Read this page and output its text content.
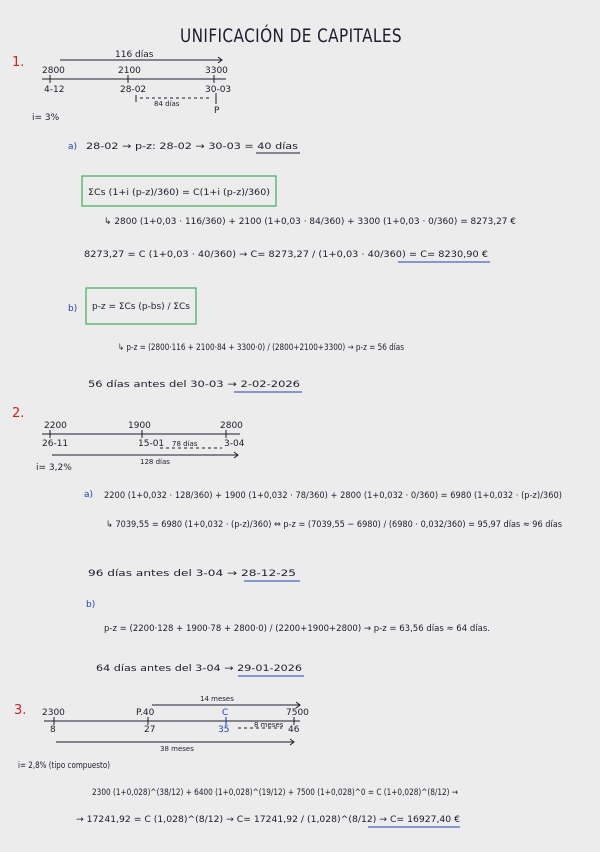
UNIFICACIÓN DE CAPITALES
1.	116 días
2800	2100	3300
4-12	28-02	30-03
84 días
P
i= 3%
a) 28-02 → p-z: 28-02 → 30-03 = 40 días
ΣCs (1+i (p-z)/360) = C(1+i (p-z)/360)
↳ 2800 (1+0,03 · 116/360) + 2100 (1+0,03 · 84/360) + 3300 (1+0,03 · 0/360) = 8273,27 €
8273,27 = C (1+0,03 · 40/360) → C= 8273,27 / (1+0,03 · 40/360) = C= 8230,90 €
b) p-z = ΣCs (p-bs) / ΣCs
↳ p-z = (2800·116 + 2100·84 + 3300·0) / (2800+2100+3300) → p-z = 56 días
56 días antes del 30-03 → 2-02-2026
2.
2200	1900	2800
26-11	15-01 78 días	3-04
128 días
i= 3,2%
a) 2200 (1+0,032 · 128/360) + 1900 (1+0,032 · 78/360) + 2800 (1+0,032 · 0/360) = 6980 (1+0,032 · (p-z)/360)
↳ 7039,55 = 6980 (1+0,032 · (p-z)/360) ⇔ p-z = (7039,55 − 6980) / (6980 · 0,032/360) = 95,97 días ≈ 96 días
96 días antes del 3-04 → 28-12-25
b)
p-z = (2200·128 + 1900·78 + 2800·0) / (2200+1900+2800) → p-z = 63,56 días ≈ 64 días.
64 días antes del 3-04 → 29-01-2026
3.
14 meses
2300	P.40	C	7500
8	27	35	8 meses 46
38 meses
i= 2,8% (tipo compuesto)
2300 (1+0,028)^(38/12) + 6400 (1+0,028)^(19/12) + 7500 (1+0,028)^0 = C (1+0,028)^(8/12) →
→ 17241,92 = C (1,028)^(8/12) → C= 17241,92 / (1,028)^(8/12) → C= 16927,40 €
